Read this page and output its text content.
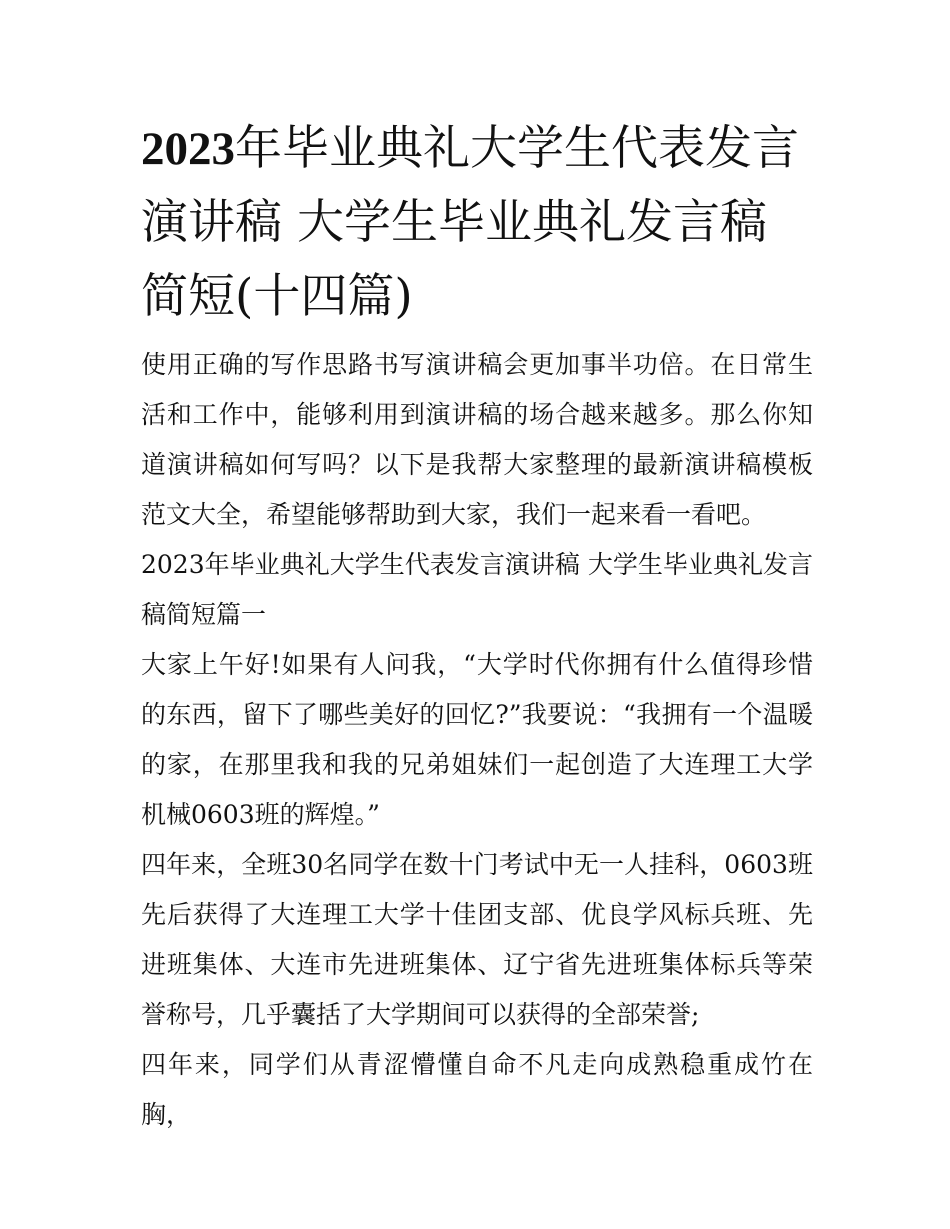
2023年毕业典礼大学生代表发言演讲稿 大学生毕业典礼发言稿简短(十四篇)

使用正确的写作思路书写演讲稿会更加事半功倍。在日常生活和工作中，能够利用到演讲稿的场合越来越多。那么你知道演讲稿如何写吗？以下是我帮大家整理的最新演讲稿模板范文大全，希望能够帮助到大家，我们一起来看一看吧。

2023年毕业典礼大学生代表发言演讲稿 大学生毕业典礼发言稿简短篇一

大家上午好!如果有人问我，“大学时代你拥有什么值得珍惜的东西，留下了哪些美好的回忆?”我要说：“我拥有一个温暖的家，在那里我和我的兄弟姐妹们一起创造了大连理工大学机械0603班的辉煌。”

四年来，全班30名同学在数十门考试中无一人挂科，0603班先后获得了大连理工大学十佳团支部、优良学风标兵班、先进班集体、大连市先进班集体、辽宁省先进班集体标兵等荣誉称号，几乎囊括了大学期间可以获得的全部荣誉;

四年来，同学们从青涩懵懂自命不凡走向成熟稳重成竹在胸，
